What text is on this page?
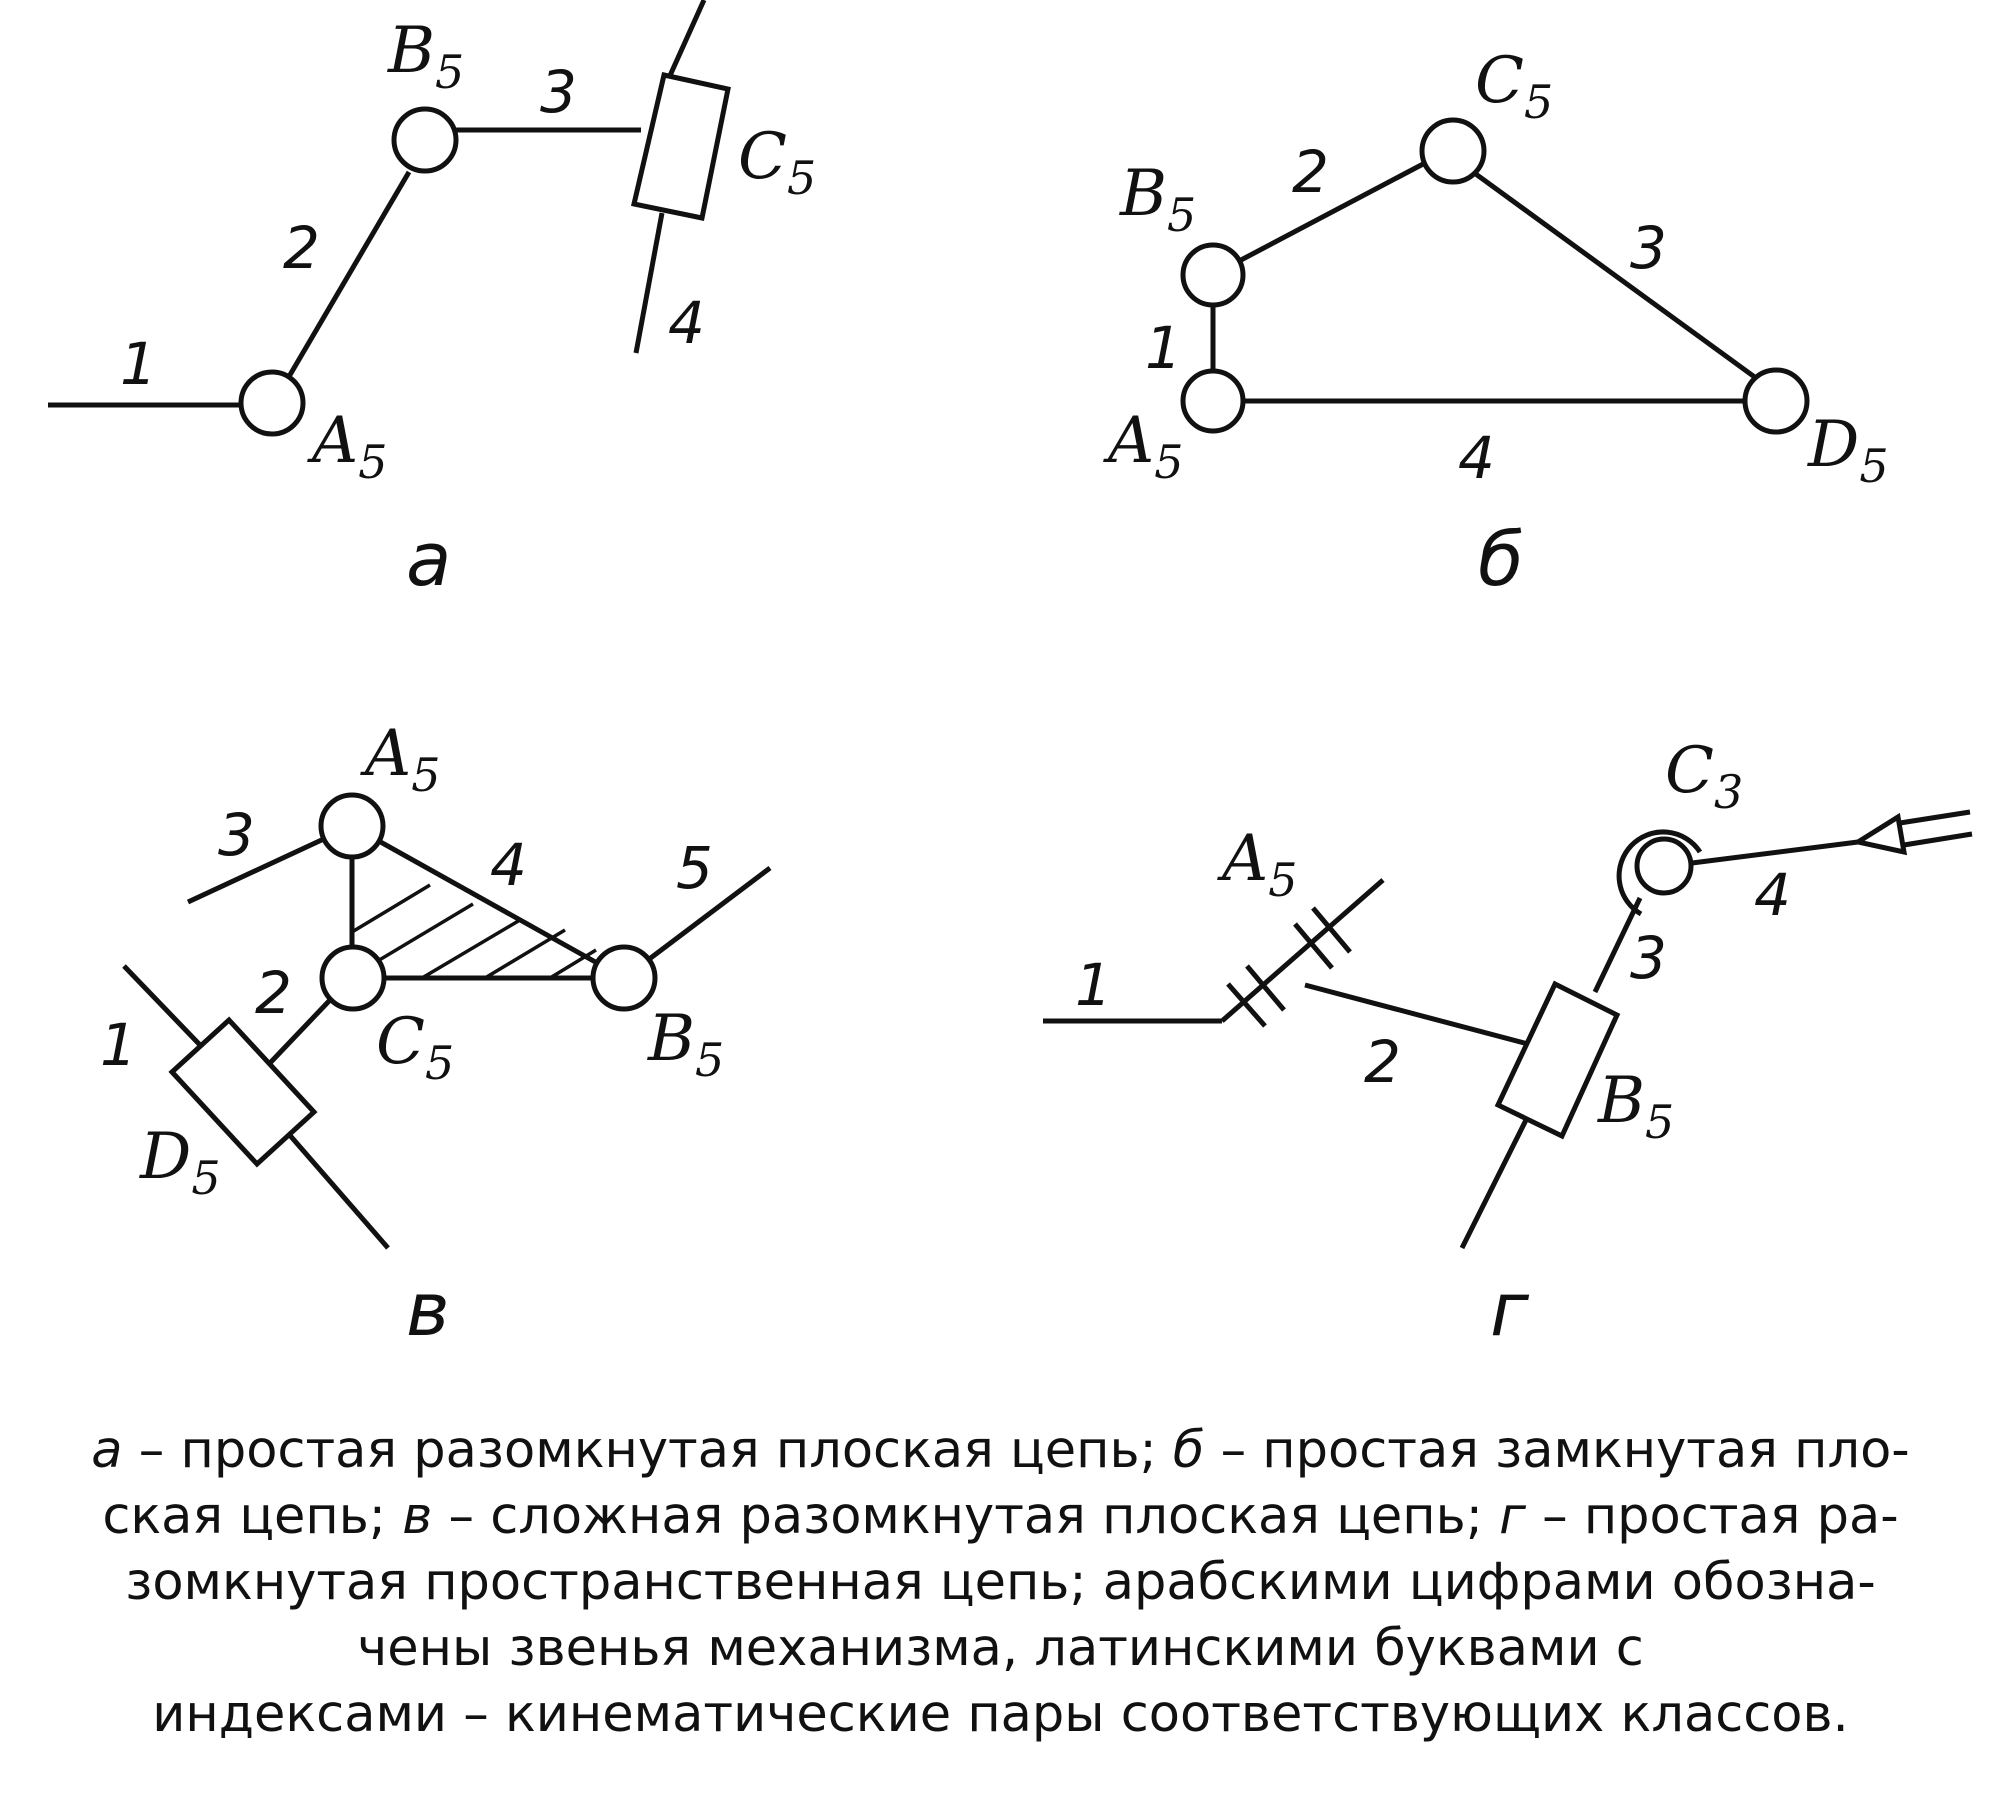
1
2
3
4
$A_5$
$B_5$
$C_5$
а
1
2
3
4
$A_5$
$B_5$
$C_5$
$D_5$
б
1
2
3	4	5
$A_5$
$B_5$
$C_5$
$D_5$
в
1
2
3
4
$A_5$
$B_5$
$C_3$
г

а – простая разомкнутая плоская цепь; б – простая замкнутая пло-
ская цепь; в – сложная разомкнутая плоская цепь; г – простая ра-
зомкнутая пространственная цепь; арабскими цифрами обозна-
чены звенья механизма, латинскими буквами с
индексами – кинематические пары соответствующих классов.
